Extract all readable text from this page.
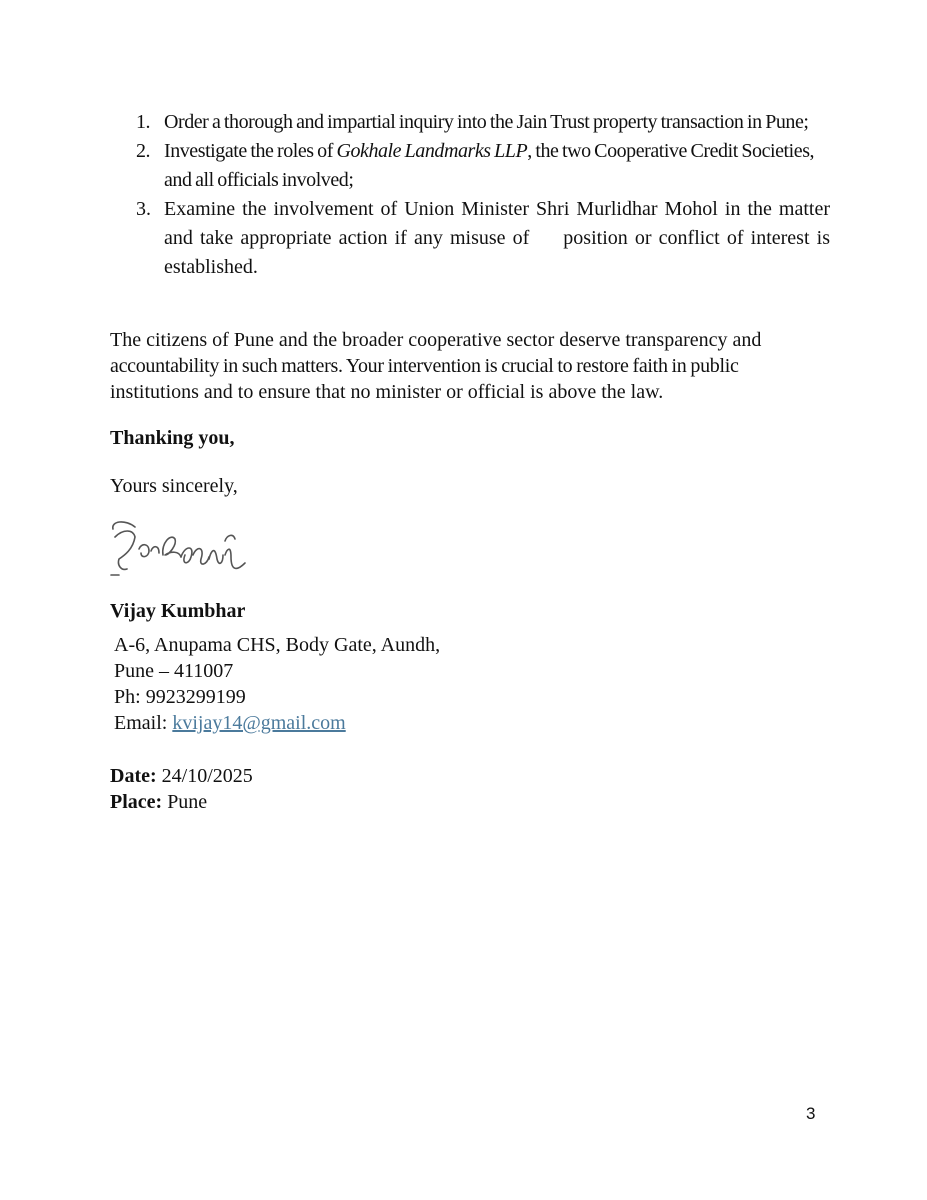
1. Order a thorough and impartial inquiry into the Jain Trust property transaction in Pune;
2. Investigate the roles of Gokhale Landmarks LLP, the two Cooperative Credit Societies, and all officials involved;
3. Examine the involvement of Union Minister Shri Murlidhar Mohol in the matter and take appropriate action if any misuse of position or conflict of interest is established.

The citizens of Pune and the broader cooperative sector deserve transparency and
accountability in such matters. Your intervention is crucial to restore faith in public
institutions and to ensure that no minister or official is above the law.

Thanking you,

Yours sincerely,

Vijay Kumbhar

A-6, Anupama CHS, Body Gate, Aundh,
Pune – 411007
Ph: 9923299199
Email: kvijay14@gmail.com

Date: 24/10/2025
Place: Pune

3
